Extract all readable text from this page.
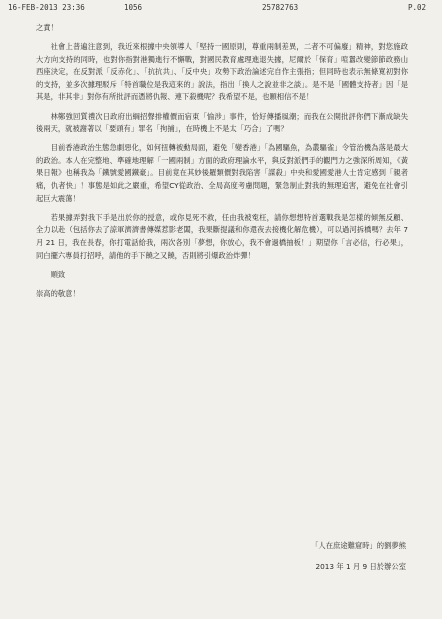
16-FEB-2013 23:36	1056	25782763	P.02

之責！

社會上普遍注意到，我近來根據中央領導人「堅持一國原則，尊重兩制差異，二者不可偏廢」精神，對您施政大方向支持的同時，也對你指對港獨進行不懈戰，對國民教育處理進退失據，尼爾於「保育」喧囂改變節節政務山西座決定，在反對派「反赤化」、「抗抗共」、「反中央」攻勢下政治論述完自作主張指；但同時也表示無條寬初對你的支持，並多次據理駁斥「特首職位是我這來的」說法，指出「換人之說並非之談」。是不是「國體支持者」因「是其是，非其非」對你有所批評而憑將仇報、連下殺機呢？我希望不是，也願相信不是！

林鄭強回質禮次日政府出綱招聲排權價而宿東「愉涉」事件，恰好傳播風潮；而我在公開批評你們下漸成缺失後兩天，就被謝著以「要頭有」罪名「拘捕」，在時機上不是太「巧合」了嗎？

目前香港政治生態急劇惡化，如何扭轉被動局面，避免「變香港」「為國驅魚，為叢驅雀」令管治機為落是最大的政治。本人在完整地、準確地理解「一國兩制」方面的政府理論水平，與反對派們手的觀門力之強深所周知，《黃果日報》也稱我為「鐵號愛國鐵豪」。目前竟在其妙後羅類價對我陷害「謀殺」中央和愛國愛港人士肯定感到「親者痛，仇者快」！事態是如此之嚴重，希望CY從政治、全局高度考慮問題，緊急制止對我的無理追害，避免在社會引起巨大震蕩！

若果據弄對我下手是出於你的授意，或你見死不救，任由我被寃枉，請你想想特首選戰我是怎樣的傾無反顧、全力以赴（包括你去了諒軍濟濟書傳媒惹影老闆，我果斷提議和你還夜去接機化解危機），可以過河拆橋嗎？去年 7 月 21 日，我在長春，你打電話給我，兩次各別「夢想，你放心，我不會過橋抽板！」期望你「言必信，行必果」，同白擺六專員打招呼，請他的手下饒之又饒，否則將引爆政治炸彈！

順致

崇高的敬意！

「人在庶途難窟時」的劉夢熊
2013 年 1 月 9 日於辦公室
